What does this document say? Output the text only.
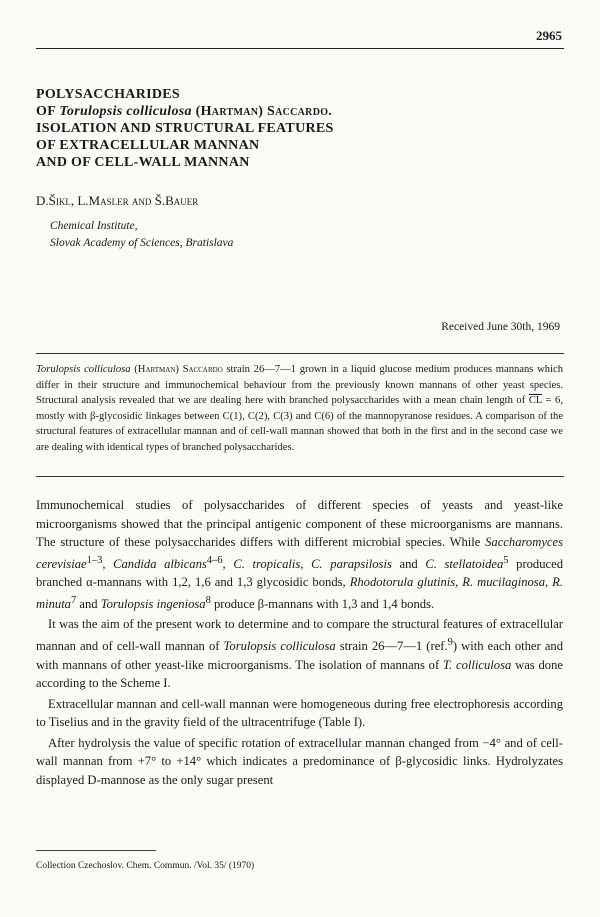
2965
POLYSACCHARIDES
OF Torulopsis colliculosa (Hartman) Saccardo.
ISOLATION AND STRUCTURAL FEATURES
OF EXTRACELLULAR MANNAN
AND OF CELL-WALL MANNAN
D.Šikl, L.Masler and Š.Bauer
Chemical Institute,
Slovak Academy of Sciences, Bratislava
Received June 30th, 1969
Torulopsis colliculosa (Hartman) Saccardo strain 26—7—1 grown in a liquid glucose medium produces mannans which differ in their structure and immunochemical behaviour from the previously known mannans of other yeast species. Structural analysis revealed that we are dealing here with branched polysaccharides with a mean chain length of $\overline{CL} = 6$, mostly with β-glycosidic linkages between C(1), C(2), C(3) and C(6) of the mannopyranose residues. A comparison of the structural features of extracellular mannan and of cell-wall mannan showed that both in the first and in the second case we are dealing with identical types of branched polysaccharides.

Immunochemical studies of polysaccharides of different species of yeasts and yeast-like microorganisms showed that the principal antigenic component of these microorganisms are mannans. The structure of these polysaccharides differs with different microbial species. While Saccharomyces cerevisiae$^{1-3}$, Candida albicans$^{4-6}$, C. tropicalis, C. parapsilosis and C. stellatoidea$^5$ produced branched α-mannans with 1,2, 1,6 and 1,3 glycosidic bonds, Rhodotorula glutinis, R. mucilaginosa, R. minuta$^7$ and Torulopsis ingeniosa$^8$ produce β-mannans with 1,3 and 1,4 bonds.

It was the aim of the present work to determine and to compare the structural features of extracellular mannan and of cell-wall mannan of Torulopsis colliculosa strain 26—7—1 (ref.$^9$) with each other and with mannans of other yeast-like microorganisms. The isolation of mannans of T. colliculosa was done according to the Scheme I.

Extracellular mannan and cell-wall mannan were homogeneous during free electrophoresis according to Tiselius and in the gravity field of the ultracentrifuge (Table I).

After hydrolysis the value of specific rotation of extracellular mannan changed from −4° and of cell-wall mannan from +7° to +14° which indicates a predominance of β-glycosidic links. Hydrolyzates displayed D-mannose as the only sugar present

Collection Czechoslov. Chem. Commun. /Vol. 35/ (1970)
